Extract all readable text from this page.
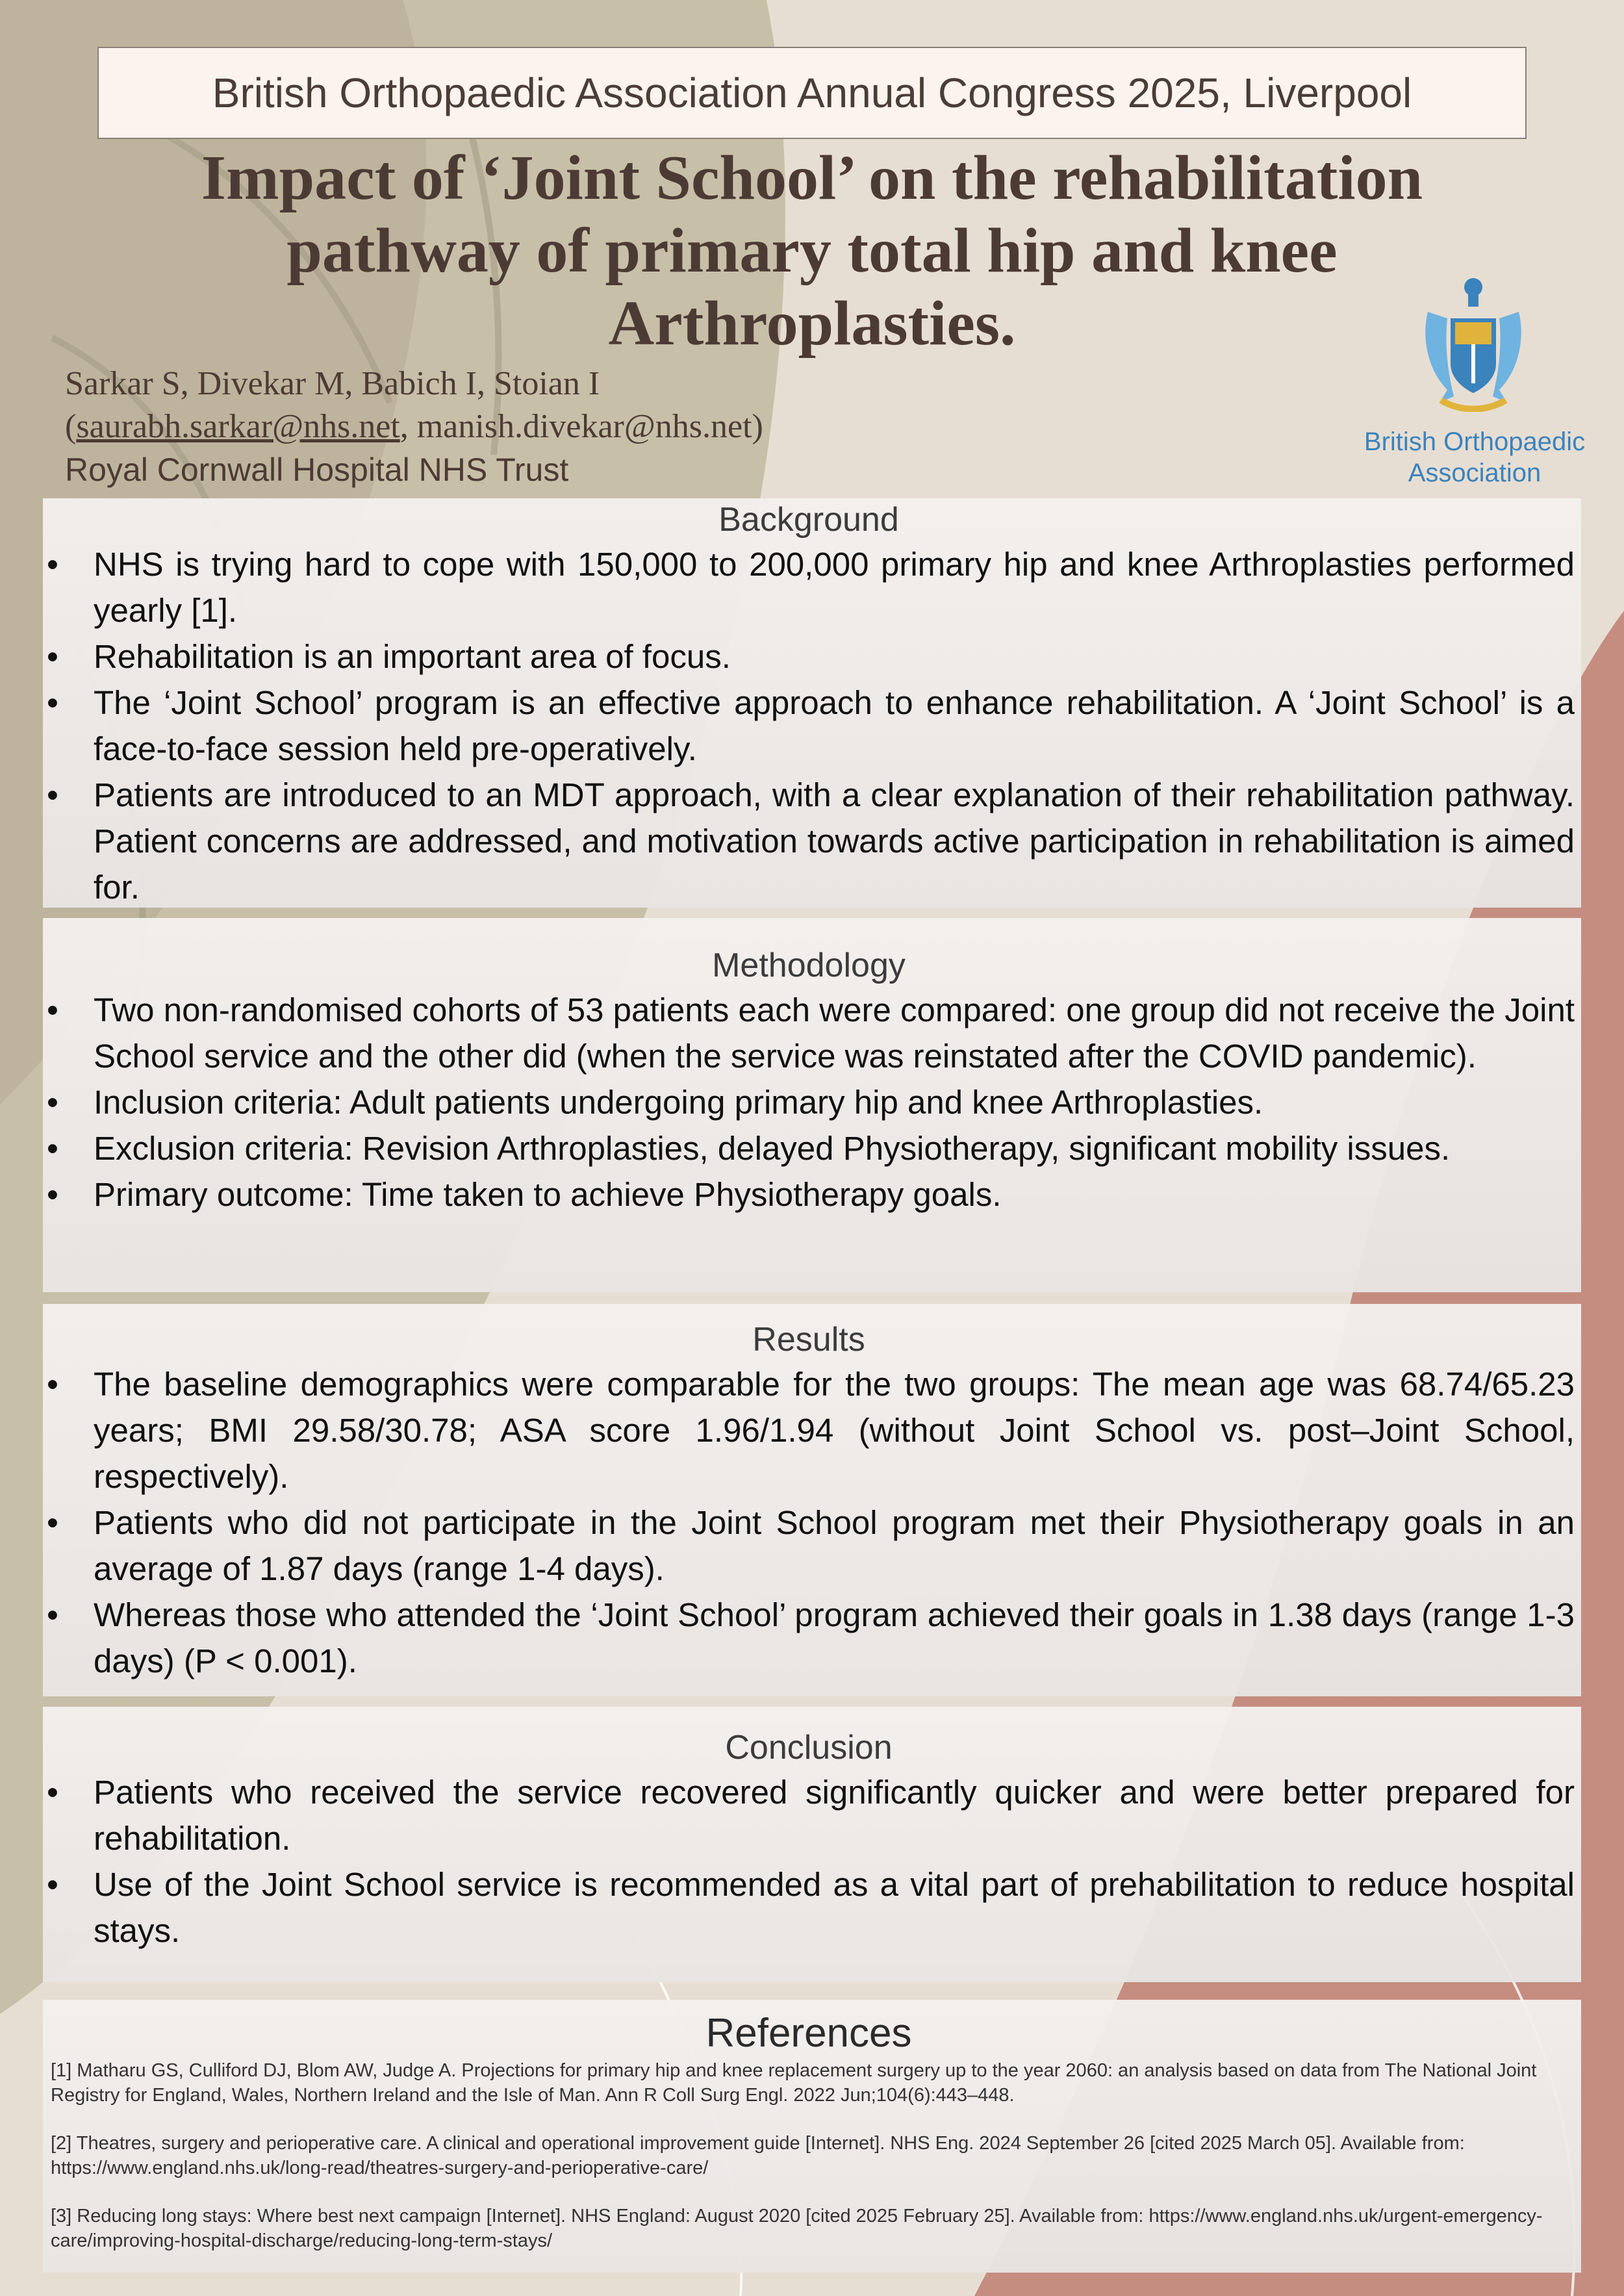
British Orthopaedic Association Annual Congress 2025, Liverpool
Impact of ‘Joint School’ on the rehabilitation pathway of primary total hip and knee Arthroplasties.
Sarkar S, Divekar M, Babich I, Stoian I
(saurabh.sarkar@nhs.net, manish.divekar@nhs.net)
Royal Cornwall Hospital NHS Trust
British Orthopaedic
Association
Background
• NHS is trying hard to cope with 150,000 to 200,000 primary hip and knee Arthroplasties performed yearly [1].
• Rehabilitation is an important area of focus.
• The ‘Joint School’ program is an effective approach to enhance rehabilitation. A ‘Joint School’ is a face-to-face session held pre-operatively.
• Patients are introduced to an MDT approach, with a clear explanation of their rehabilitation pathway. Patient concerns are addressed, and motivation towards active participation in rehabilitation is aimed for.
Methodology
• Two non-randomised cohorts of 53 patients each were compared: one group did not receive the Joint School service and the other did (when the service was reinstated after the COVID pandemic).
• Inclusion criteria: Adult patients undergoing primary hip and knee Arthroplasties.
• Exclusion criteria: Revision Arthroplasties, delayed Physiotherapy, significant mobility issues.
• Primary outcome: Time taken to achieve Physiotherapy goals.
Results
• The baseline demographics were comparable for the two groups: The mean age was 68.74/65.23 years; BMI 29.58/30.78; ASA score 1.96/1.94 (without Joint School vs. post–Joint School, respectively).
• Patients who did not participate in the Joint School program met their Physiotherapy goals in an average of 1.87 days (range 1-4 days).
• Whereas those who attended the ‘Joint School’ program achieved their goals in 1.38 days (range 1-3 days) (P < 0.001).
Conclusion
• Patients who received the service recovered significantly quicker and were better prepared for rehabilitation.
• Use of the Joint School service is recommended as a vital part of prehabilitation to reduce hospital stays.
References

[1] Matharu GS, Culliford DJ, Blom AW, Judge A. Projections for primary hip and knee replacement surgery up to the year 2060: an analysis based on data from The National Joint Registry for England, Wales, Northern Ireland and the Isle of Man. Ann R Coll Surg Engl. 2022 Jun;104(6):443–448.

[2] Theatres, surgery and perioperative care. A clinical and operational improvement guide [Internet]. NHS Eng. 2024 September 26 [cited 2025 March 05]. Available from: https://www.england.nhs.uk/long-read/theatres-surgery-and-perioperative-care/

[3] Reducing long stays: Where best next campaign [Internet]. NHS England: August 2020 [cited 2025 February 25]. Available from: https://www.england.nhs.uk/urgent-emergency-care/improving-hospital-discharge/reducing-long-term-stays/
